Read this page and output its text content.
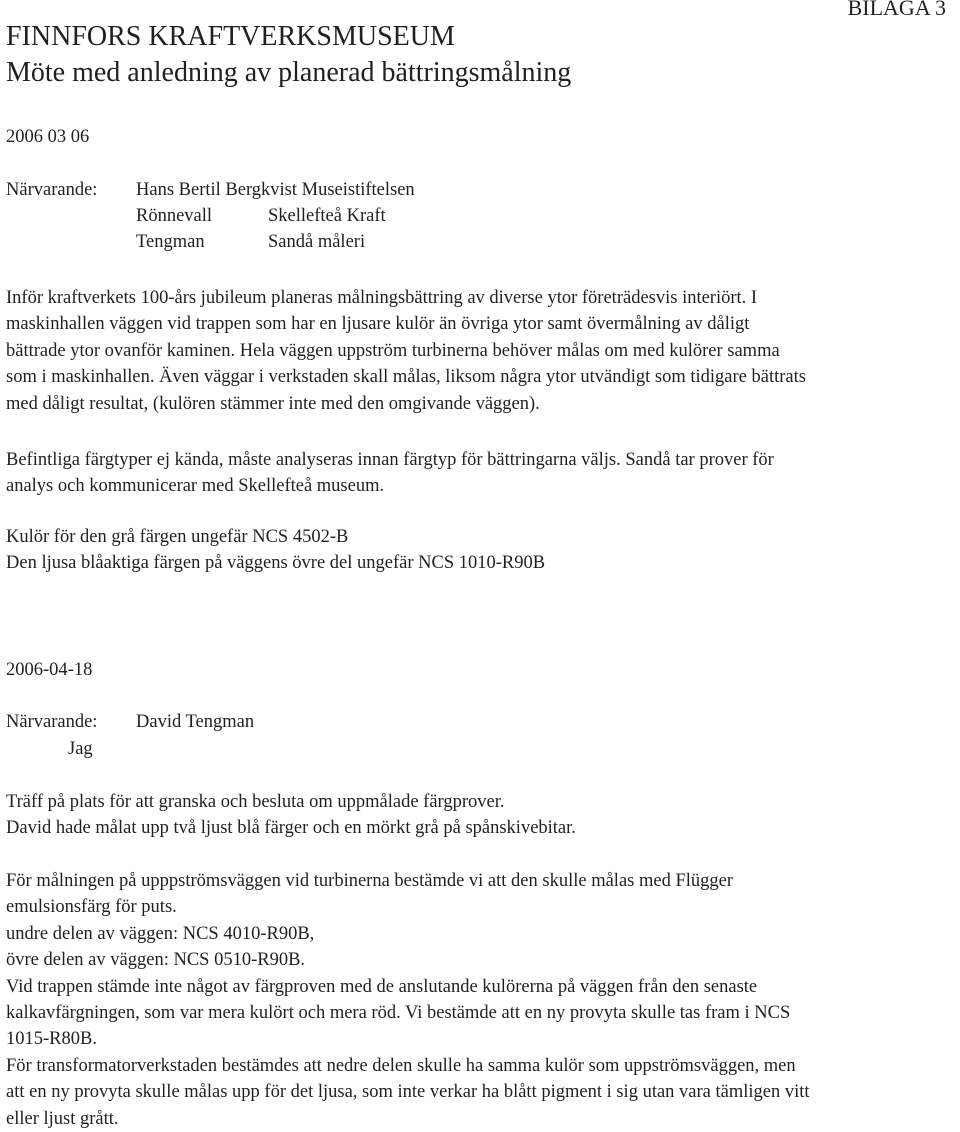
BILAGA 3
FINNFORS KRAFTVERKSMUSEUM
Möte med anledning av planerad bättringsmålning
2006 03 06
Närvarande: Hans Bertil Bergkvist Museistiftelsen
Rönnevall	Skellefteå Kraft
Tengman	Sandå måleri
Inför kraftverkets 100-års jubileum planeras målningsbättring av diverse ytor företrädesvis interiört. I
maskinhallen väggen vid trappen som har en ljusare kulör än övriga ytor samt övermålning av dåligt
bättrade ytor ovanför kaminen. Hela väggen uppström turbinerna behöver målas om med kulörer samma
som i maskinhallen. Även väggar i verkstaden skall målas, liksom några ytor utvändigt som tidigare bättrats
med dåligt resultat, (kulören stämmer inte med den omgivande väggen).
Befintliga färgtyper ej kända, måste analyseras innan färgtyp för bättringarna väljs. Sandå tar prover för
analys och kommunicerar med Skellefteå museum.
Kulör för den grå färgen ungefär NCS 4502-B
Den ljusa blåaktiga färgen på väggens övre del ungefär NCS 1010-R90B
2006-04-18
Närvarande: David Tengman
Jag
Träff på plats för att granska och besluta om uppmålade färgprover.
David hade målat upp två ljust blå färger och en mörkt grå på spånskivebitar.
För målningen på upppströmsväggen vid turbinerna bestämde vi att den skulle målas med Flügger
emulsionsfärg för puts.
undre delen av väggen: NCS 4010-R90B,
övre delen av väggen: NCS 0510-R90B.
Vid trappen stämde inte något av färgproven med de anslutande kulörerna på väggen från den senaste
kalkavfärgningen, som var mera kulört och mera röd. Vi bestämde att en ny provyta skulle tas fram i NCS
1015-R80B.
För transformatorverkstaden bestämdes att nedre delen skulle ha samma kulör som uppströmsväggen, men
att en ny provyta skulle målas upp för det ljusa, som inte verkar ha blått pigment i sig utan vara tämligen vitt
eller ljust grått.
